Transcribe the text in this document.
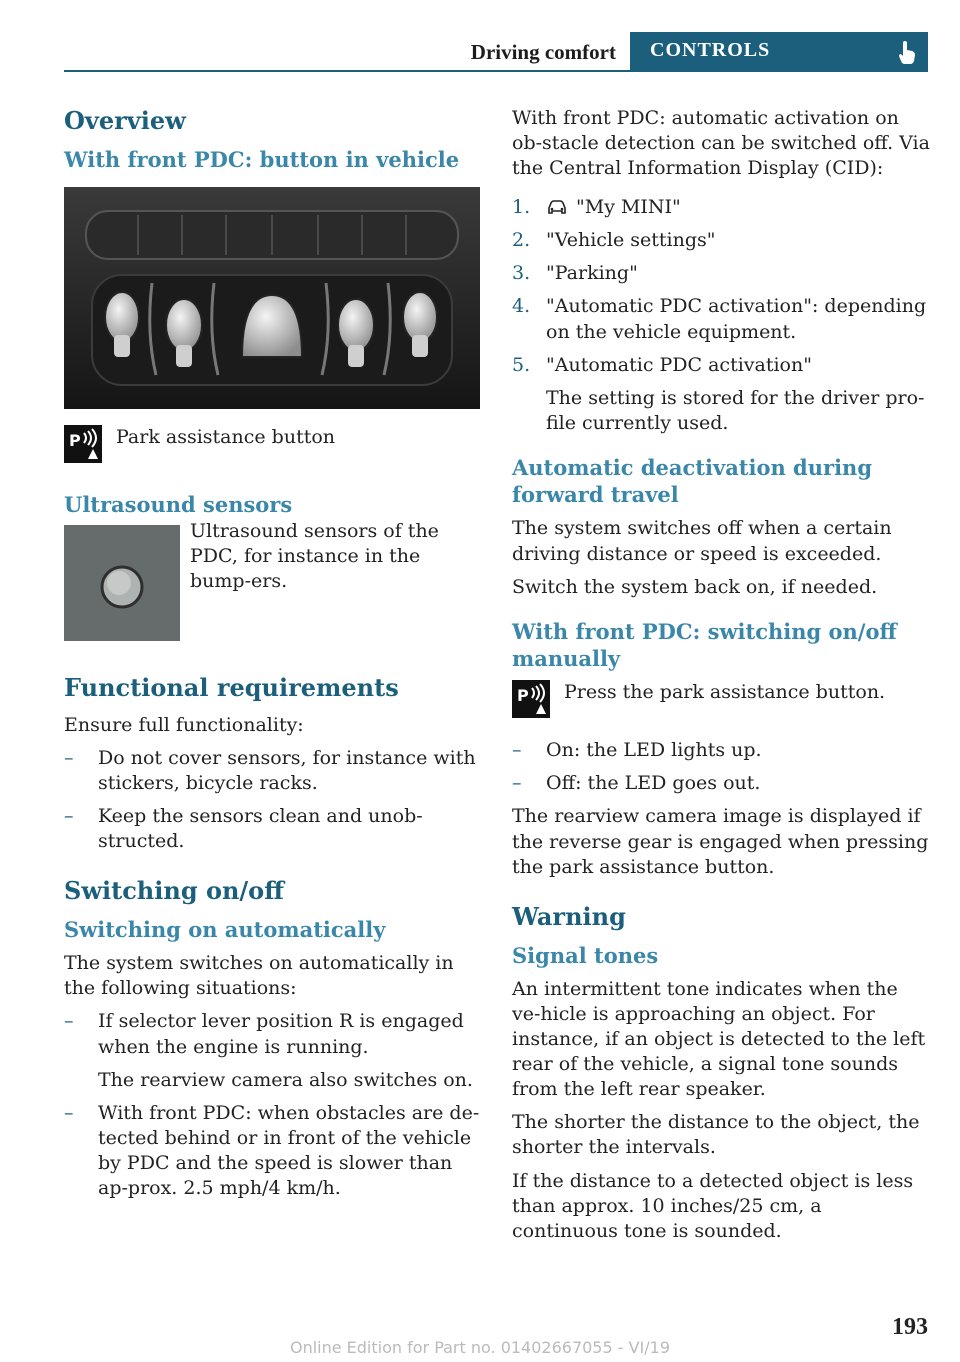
Driving comfort	CONTROLS
Overview
With front PDC: button in vehicle
P Park assistance button
Ultrasound sensors
Ultrasound sensors of the PDC, for instance in the bump-ers.
Functional requirements

Ensure full functionality:

– Do not cover sensors, for instance with stickers, bicycle racks.
– Keep the sensors clean and unob-structed.
Switching on/off
Switching on automatically

The system switches on automatically in the following situations:

– If selector lever position R is engaged when the engine is running.
The rearview camera also switches on.
– With front PDC: when obstacles are de-tected behind or in front of the vehicle by PDC and the speed is slower than ap-prox. 2.5 mph/4 km/h.

With front PDC: automatic activation on ob-stacle detection can be switched off. Via the Central Information Display (CID):

1. "My MINI"
2. "Vehicle settings"
3. "Parking"
4. "Automatic PDC activation": depending on the vehicle equipment.
5. "Automatic PDC activation"
The setting is stored for the driver pro-file currently used.
Automatic deactivation during forward travel

The system switches off when a certain driving distance or speed is exceeded.

Switch the system back on, if needed.

With front PDC: switching on/off manually
P Press the park assistance button.
– On: the LED lights up.
– Off: the LED goes out.

The rearview camera image is displayed if the reverse gear is engaged when pressing the park assistance button.

Warning
Signal tones

An intermittent tone indicates when the ve-hicle is approaching an object. For instance, if an object is detected to the left rear of the vehicle, a signal tone sounds from the left rear speaker.

The shorter the distance to the object, the shorter the intervals.

If the distance to a detected object is less than approx. 10 inches/25 cm, a continuous tone is sounded.

193
Online Edition for Part no. 01402667055 - VI/19
